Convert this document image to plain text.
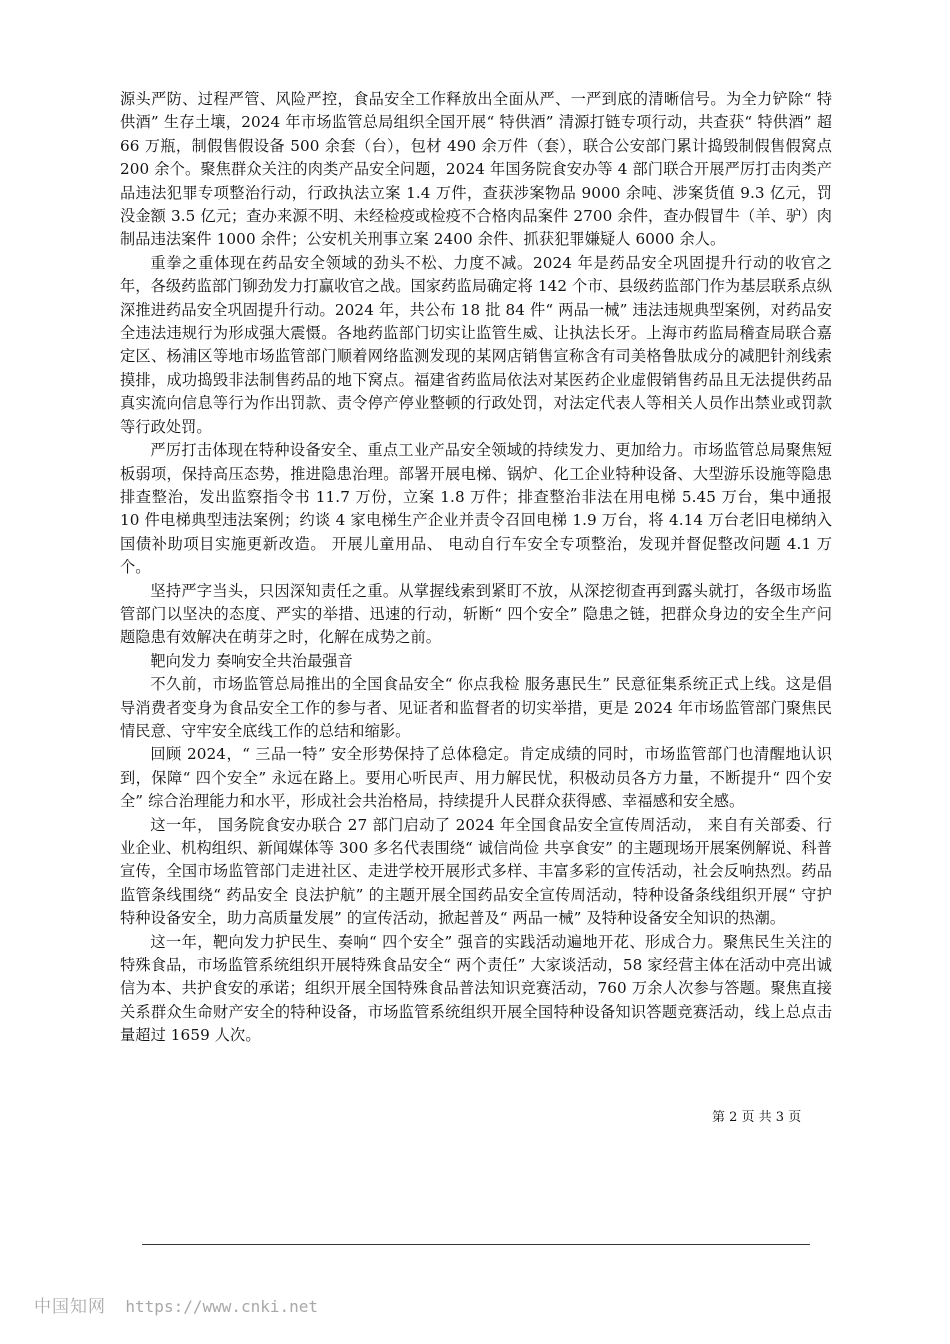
源头严防、过程严管、风险严控，食品安全工作释放出全面从严、一严到底的清晰信号。为全力铲除“ 特供酒” 生存土壤，2024 年市场监管总局组织全国开展“ 特供酒” 清源打链专项行动，共查获“ 特供酒” 超 66 万瓶，制假售假设备 500 余套（台），包材 490 余万件（套），联合公安部门累计捣毁制假售假窝点 200 余个。聚焦群众关注的肉类产品安全问题，2024 年国务院食安办等 4 部门联合开展严厉打击肉类产品违法犯罪专项整治行动，行政执法立案 1.4 万件，查获涉案物品 9000 余吨、涉案货值 9.3 亿元，罚没金额 3.5 亿元；查办来源不明、未经检疫或检疫不合格肉品案件 2700 余件，查办假冒牛（羊、驴）肉制品违法案件 1000 余件；公安机关刑事立案 2400 余件、抓获犯罪嫌疑人 6000 余人。

重拳之重体现在药品安全领域的劲头不松、力度不减。2024 年是药品安全巩固提升行动的收官之年，各级药监部门铆劲发力打赢收官之战。国家药监局确定将 142 个市、县级药监部门作为基层联系点纵深推进药品安全巩固提升行动。2024 年，共公布 18 批 84 件“ 两品一械” 违法违规典型案例，对药品安全违法违规行为形成强大震慑。各地药监部门切实让监管生威、让执法长牙。上海市药监局稽查局联合嘉定区、杨浦区等地市场监管部门顺着网络监测发现的某网店销售宣称含有司美格鲁肽成分的减肥针剂线索摸排，成功捣毁非法制售药品的地下窝点。福建省药监局依法对某医药企业虚假销售药品且无法提供药品真实流向信息等行为作出罚款、责令停产停业整顿的行政处罚，对法定代表人等相关人员作出禁业或罚款等行政处罚。

严厉打击体现在特种设备安全、重点工业产品安全领域的持续发力、更加给力。市场监管总局聚焦短板弱项，保持高压态势，推进隐患治理。部署开展电梯、锅炉、化工企业特种设备、大型游乐设施等隐患排查整治，发出监察指令书 11.7 万份，立案 1.8 万件；排查整治非法在用电梯 5.45 万台，集中通报 10 件电梯典型违法案例；约谈 4 家电梯生产企业并责令召回电梯 1.9 万台，将 4.14 万台老旧电梯纳入国债补助项目实施更新改造。 开展儿童用品、 电动自行车安全专项整治，发现并督促整改问题 4.1 万个。

坚持严字当头，只因深知责任之重。从掌握线索到紧盯不放，从深挖彻查再到露头就打，各级市场监管部门以坚决的态度、严实的举措、迅速的行动，斩断“ 四个安全” 隐患之链，把群众身边的安全生产问题隐患有效解决在萌芽之时，化解在成势之前。

靶向发力 奏响安全共治最强音

不久前，市场监管总局推出的全国食品安全“ 你点我检 服务惠民生” 民意征集系统正式上线。这是倡导消费者变身为食品安全工作的参与者、见证者和监督者的切实举措，更是 2024 年市场监管部门聚焦民情民意、守牢安全底线工作的总结和缩影。

回顾 2024，“ 三品一特” 安全形势保持了总体稳定。肯定成绩的同时，市场监管部门也清醒地认识到，保障“ 四个安全” 永远在路上。要用心听民声、用力解民忧，积极动员各方力量，不断提升“ 四个安全” 综合治理能力和水平，形成社会共治格局，持续提升人民群众获得感、幸福感和安全感。

这一年， 国务院食安办联合 27 部门启动了 2024 年全国食品安全宣传周活动， 来自有关部委、行业企业、机构组织、新闻媒体等 300 多名代表围绕“ 诚信尚俭 共享食安” 的主题现场开展案例解说、科普宣传，全国市场监管部门走进社区、走进学校开展形式多样、丰富多彩的宣传活动，社会反响热烈。药品监管条线围绕“ 药品安全 良法护航” 的主题开展全国药品安全宣传周活动，特种设备条线组织开展“ 守护特种设备安全，助力高质量发展” 的宣传活动，掀起普及“ 两品一械” 及特种设备安全知识的热潮。

这一年，靶向发力护民生、奏响“ 四个安全” 强音的实践活动遍地开花、形成合力。聚焦民生关注的特殊食品，市场监管系统组织开展特殊食品安全“ 两个责任” 大家谈活动，58 家经营主体在活动中亮出诚信为本、共护食安的承诺；组织开展全国特殊食品普法知识竞赛活动，760 万余人次参与答题。聚焦直接关系群众生命财产安全的特种设备，市场监管系统组织开展全国特种设备知识答题竞赛活动，线上总点击量超过 1659 人次。

第 2 页 共 3 页
中国知网 https://www.cnki.net
